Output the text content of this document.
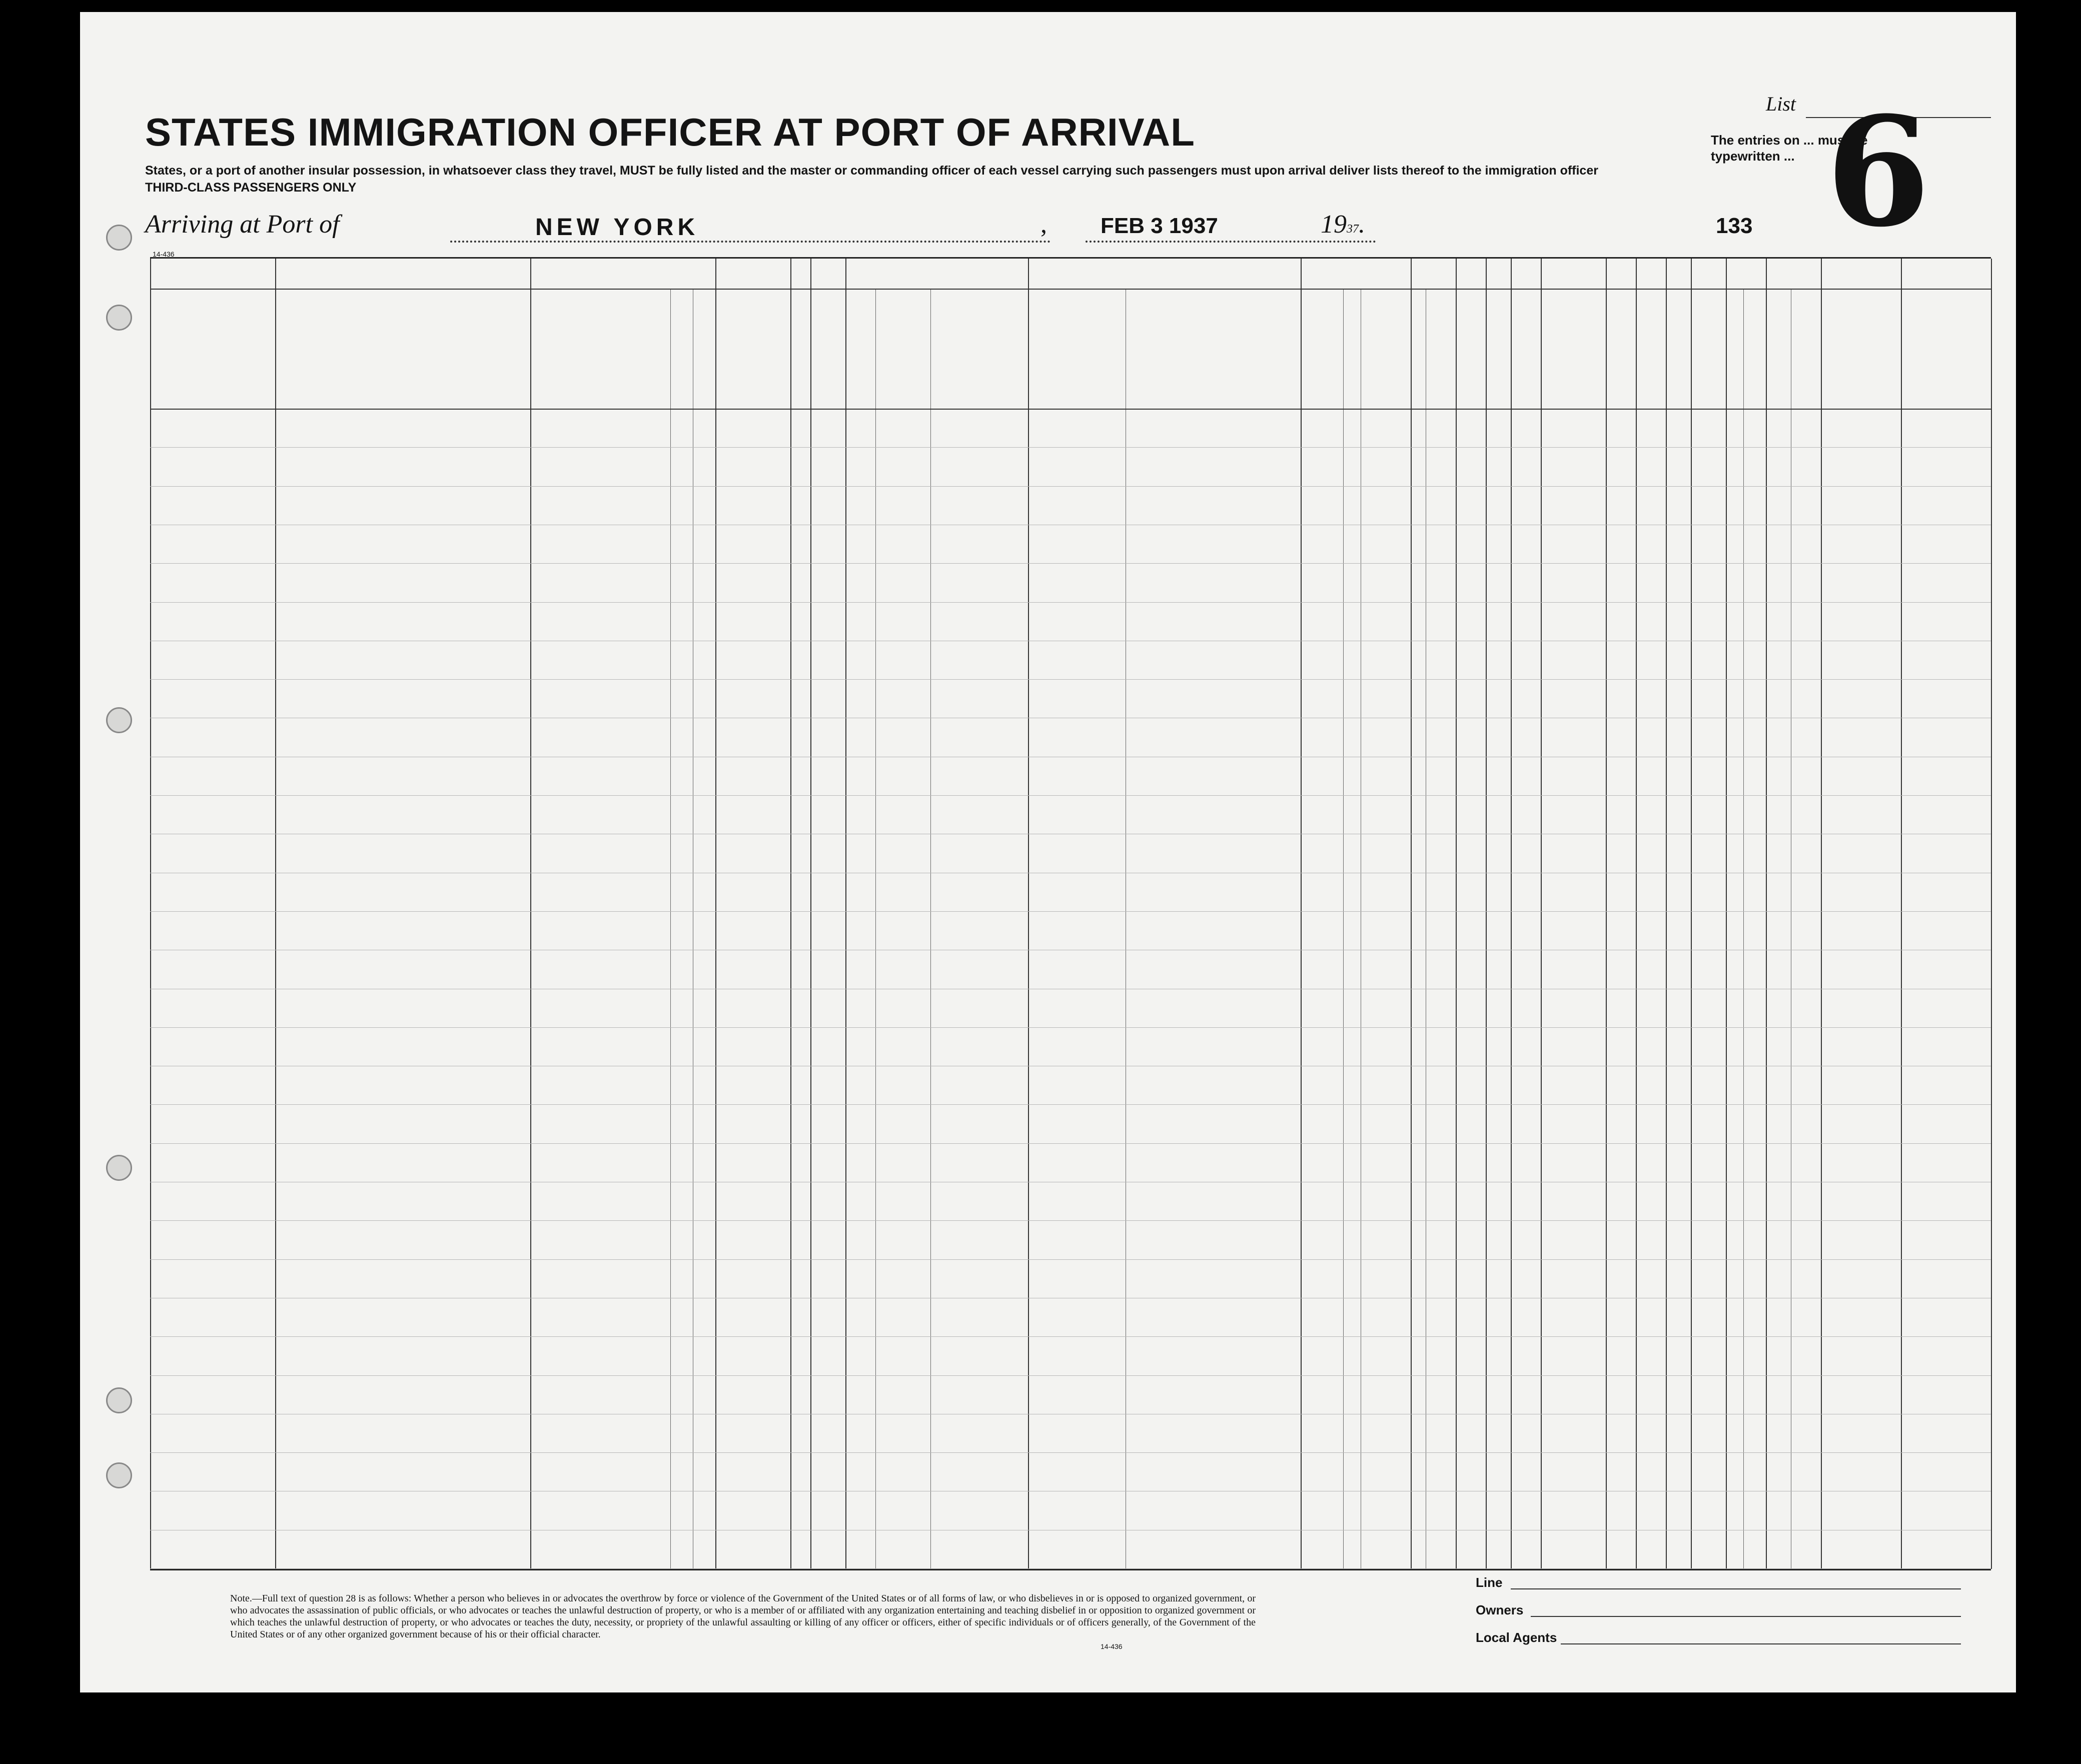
STATES IMMIGRATION OFFICER AT PORT OF ARRIVAL
States, or a port of another insular possession, in whatsoever class they travel, MUST be fully listed and the master or commanding officer of each vessel carrying such passengers must upon arrival deliver lists thereof to the immigration officer
THIRD-CLASS PASSENGERS ONLY
List
The entries on ... must be typewritten ... 6
Arriving at Port of	NEW YORK	, FEB 3 1937	1937.	133
14-436
Note.—Full text of question 28 is as follows: Whether a person who believes in or advocates the overthrow by force or violence of the Government of the United States or of all forms of law, or who disbelieves in or is opposed to organized government, or who advocates the assassination of public officials, or who advocates or teaches the unlawful destruction of property, or who is a member of or affiliated with any organization entertaining and teaching disbelief in or opposition to organized government or which teaches the unlawful destruction of property, or who advocates or teaches the duty, necessity, or propriety of the unlawful assaulting or killing of any officer or officers, either of specific individuals or of officers generally, of the Government of the United States or of any other organized government because of his or their official character.
14-436
Line
Owners
Local Agents
